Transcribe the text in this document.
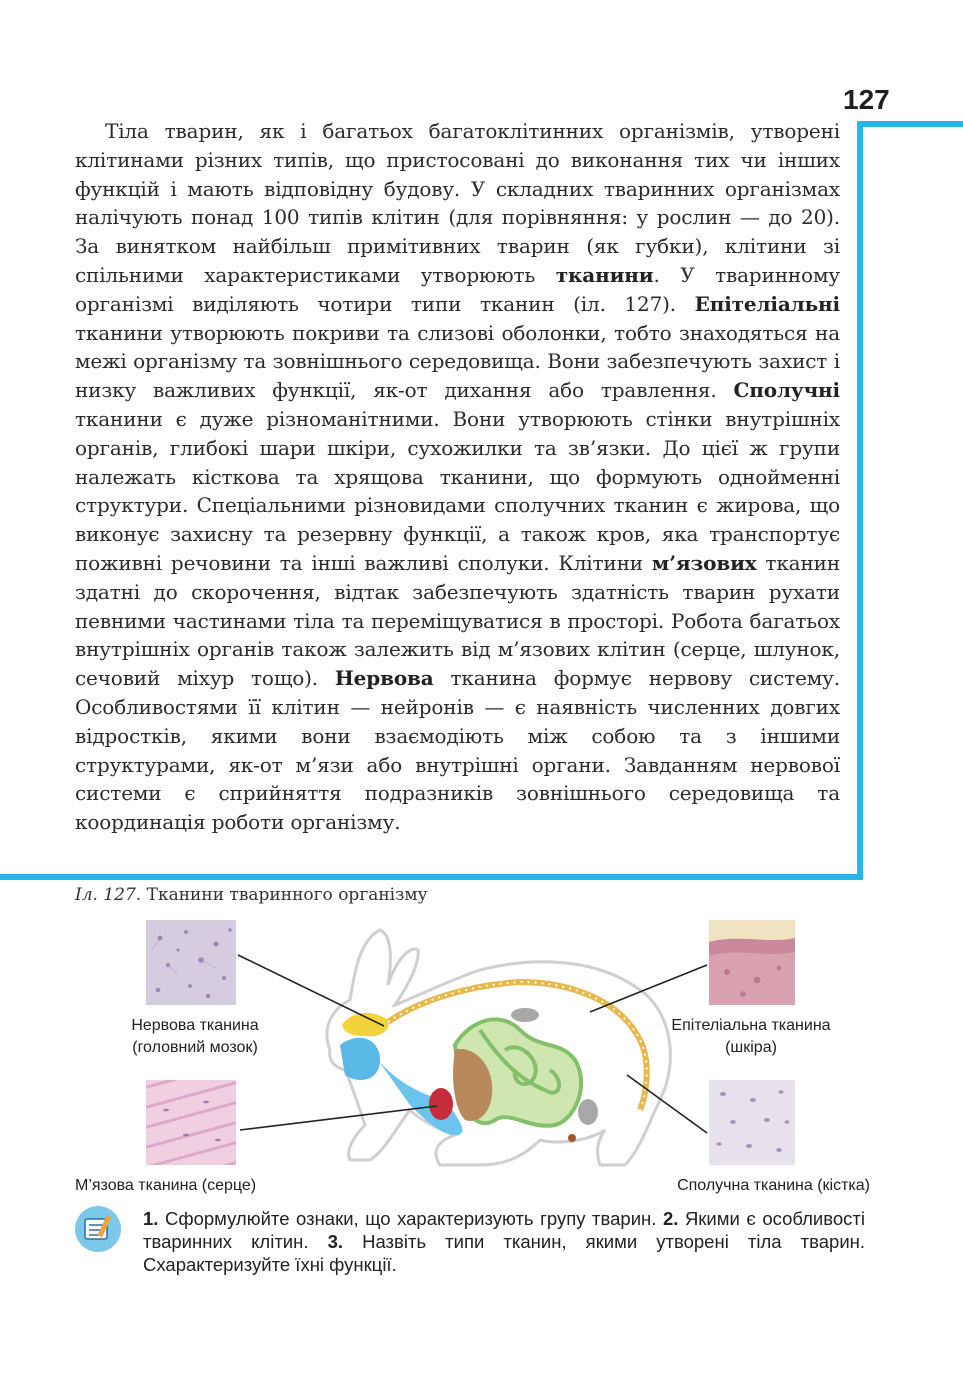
127

Тіла тварин, як і багатьох багатоклітинних організмів, утворені клітинами різних типів, що пристосовані до виконання тих чи інших функцій і мають відповідну будову. У складних тваринних організмах налічують понад 100 типів клітин (для порівняння: у рослин — до 20). За винятком найбільш примітивних тварин (як губки), клітини зі спільними характеристиками утворюють тканини. У тваринному організмі виділяють чотири типи тканин (іл. 127). Епітеліальні тканини утворюють покриви та слизові оболонки, тобто знаходяться на межі організму та зовнішнього середовища. Вони забезпечують захист і низку важливих функції, як-от дихання або травлення. Сполучні тканини є дуже різноманітними. Вони утворюють стінки внутрішніх органів, глибокі шари шкіри, сухожилки та зв’язки. До цієї ж групи належать кісткова та хрящова тканини, що формують однойменні структури. Спеціальними різновидами сполучних тканин є жирова, що виконує захисну та резервну функції, а також кров, яка транспортує поживні речовини та інші важливі сполуки. Клітини м’язових тканин здатні до скорочення, відтак забезпечують здатність тварин рухати певними частинами тіла та переміщуватися в просторі. Робота багатьох внутрішніх органів також залежить від м’язових клітин (серце, шлунок, сечовий міхур тощо). Нервова тканина формує нервову систему. Особливостями її клітин — нейронів — є наявність численних довгих відростків, якими вони взаємодіють між собою та з іншими структурами, як-от м’язи або внутрішні органи. Завданням нервової системи є сприйняття подразників зовнішнього середовища та координація роботи організму.

Іл. 127. Тканини тваринного організму
Нервова тканина
(головний мозок)
М’язова тканина (серце)
Епітеліальна тканина
(шкіра)
Сполучна тканина (кістка)

1. Сформулюйте ознаки, що характеризують групу тварин. 2. Якими є особливості тваринних клітин. 3. Назвіть типи тканин, якими утворені тіла тварин. Схарактеризуйте їхні функції.
